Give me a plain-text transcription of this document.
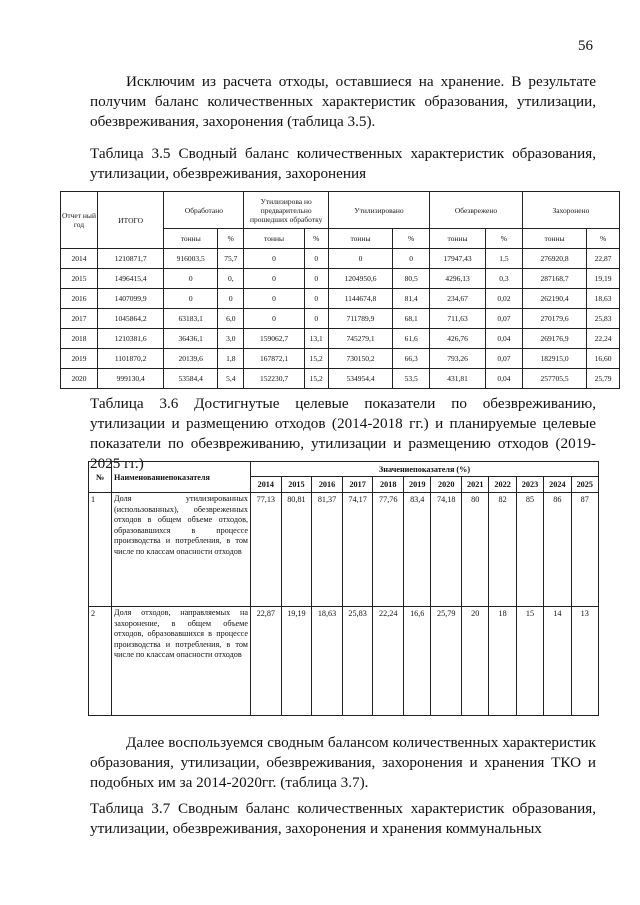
56
Исключим из расчета отходы, оставшиеся на хранение. В результате получим баланс количественных характеристик образования, утилизации, обезвреживания, захоронения (таблица 3.5).
Таблица 3.5 Сводный баланс количественных характеристик образования, утилизации, обезвреживания, захоронения
Отчет ный год	ИТОГО	Обработано		Утилизирова но предварительно прошедших обработку		Утилизировано		Обезврежено		Захоронено	
		тонны	%	тонны	%	тонны	%	тонны	%	тонны	%
2014	1210871,7	916003,5	75,7	0	0	0	0	17947,43	1,5	276920,8	22,87
2015	1496415,4	0	0,	0	0	1204950,6	80,5	4296,13	0,3	287168,7	19,19
2016	1407099,9	0	0	0	0	1144674,8	81,4	234,67	0,02	262190,4	18,63
2017	1045864,2	63183,1	6,0	0	0	711789,9	68,1	711,63	0,07	270179,6	25,83
2018	1210381,6	36436,1	3,0	159062,7	13,1	745279,1	61,6	426,76	0,04	269176,9	22,24
2019	1101870,2	20139,6	1,8	167872,1	15,2	730150,2	66,3	793,26	0,07	182915,0	16,60
2020	999130,4	53584,4	5,4	152230,7	15,2	534954,4	53,5	431,81	0,04	257705,5	25,79
Таблица 3.6 Достигнутые целевые показатели по обезвреживанию, утилизации и размещению отходов (2014-2018 гг.) и планируемые целевые показатели по обезвреживанию, утилизации и размещению отходов (2019-2025 гг.)
№	Наименованиепоказателя	Значениепоказателя (%)											
		2014	2015	2016	2017	2018	2019	2020	2021	2022	2023	2024	2025
1	Доля утилизированных (использованных), обезвреженных отходов в общем объеме отходов, образовавшихся в процессе производства и потребления, в том числе по классам опасности отходов	77,13	80,81	81,37	74,17	77,76	83,4	74,18	80	82	85	86	87
2	Доля отходов, направляемых на захоронение, в общем объеме отходов, образовавшихся в процессе производства и потребления, в том числе по классам опасности отходов	22,87	19,19	18,63	25,83	22,24	16,6	25,79	20	18	15	14	13
Далее воспользуемся сводным балансом количественных характеристик образования, утилизации, обезвреживания, захоронения и хранения ТКО и подобных им за 2014-2020гг. (таблица 3.7).
Таблица 3.7 Сводным баланс количественных характеристик образования, утилизации, обезвреживания, захоронения и хранения коммунальных
